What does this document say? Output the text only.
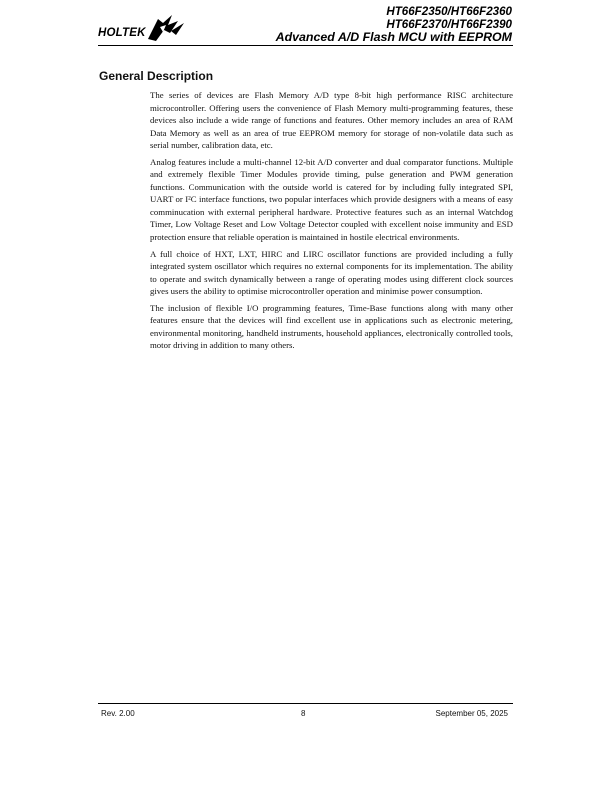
HOLTEK
HT66F2350/HT66F2360
HT66F2370/HT66F2390
Advanced A/D Flash MCU with EEPROM
General Description

The series of devices are Flash Memory A/D type 8-bit high performance RISC architecture microcontroller. Offering users the convenience of Flash Memory multi-programming features, these devices also include a wide range of functions and features. Other memory includes an area of RAM Data Memory as well as an area of true EEPROM memory for storage of non-volatile data such as serial number, calibration data, etc.

Analog features include a multi-channel 12-bit A/D converter and dual comparator functions. Multiple and extremely flexible Timer Modules provide timing, pulse generation and PWM generation functions. Communication with the outside world is catered for by including fully integrated SPI, UART or I²C interface functions, two popular interfaces which provide designers with a means of easy comminucation with external peripheral hardware. Protective features such as an internal Watchdog Timer, Low Voltage Reset and Low Voltage Detector coupled with excellent noise immunity and ESD protection ensure that reliable operation is maintained in hostile electrical environments.

A full choice of HXT, LXT, HIRC and LIRC oscillator functions are provided including a fully integrated system oscillator which requires no external components for its implementation. The ability to operate and switch dynamically between a range of operating modes using different clock sources gives users the ability to optimise microcontroller operation and minimise power consumption.

The inclusion of flexible I/O programming features, Time-Base functions along with many other features ensure that the devices will find excellent use in applications such as electronic metering, environmental monitoring, handheld instruments, household appliances, electronically controlled tools, motor driving in addition to many others.

Rev. 2.00	8	September 05, 2025
